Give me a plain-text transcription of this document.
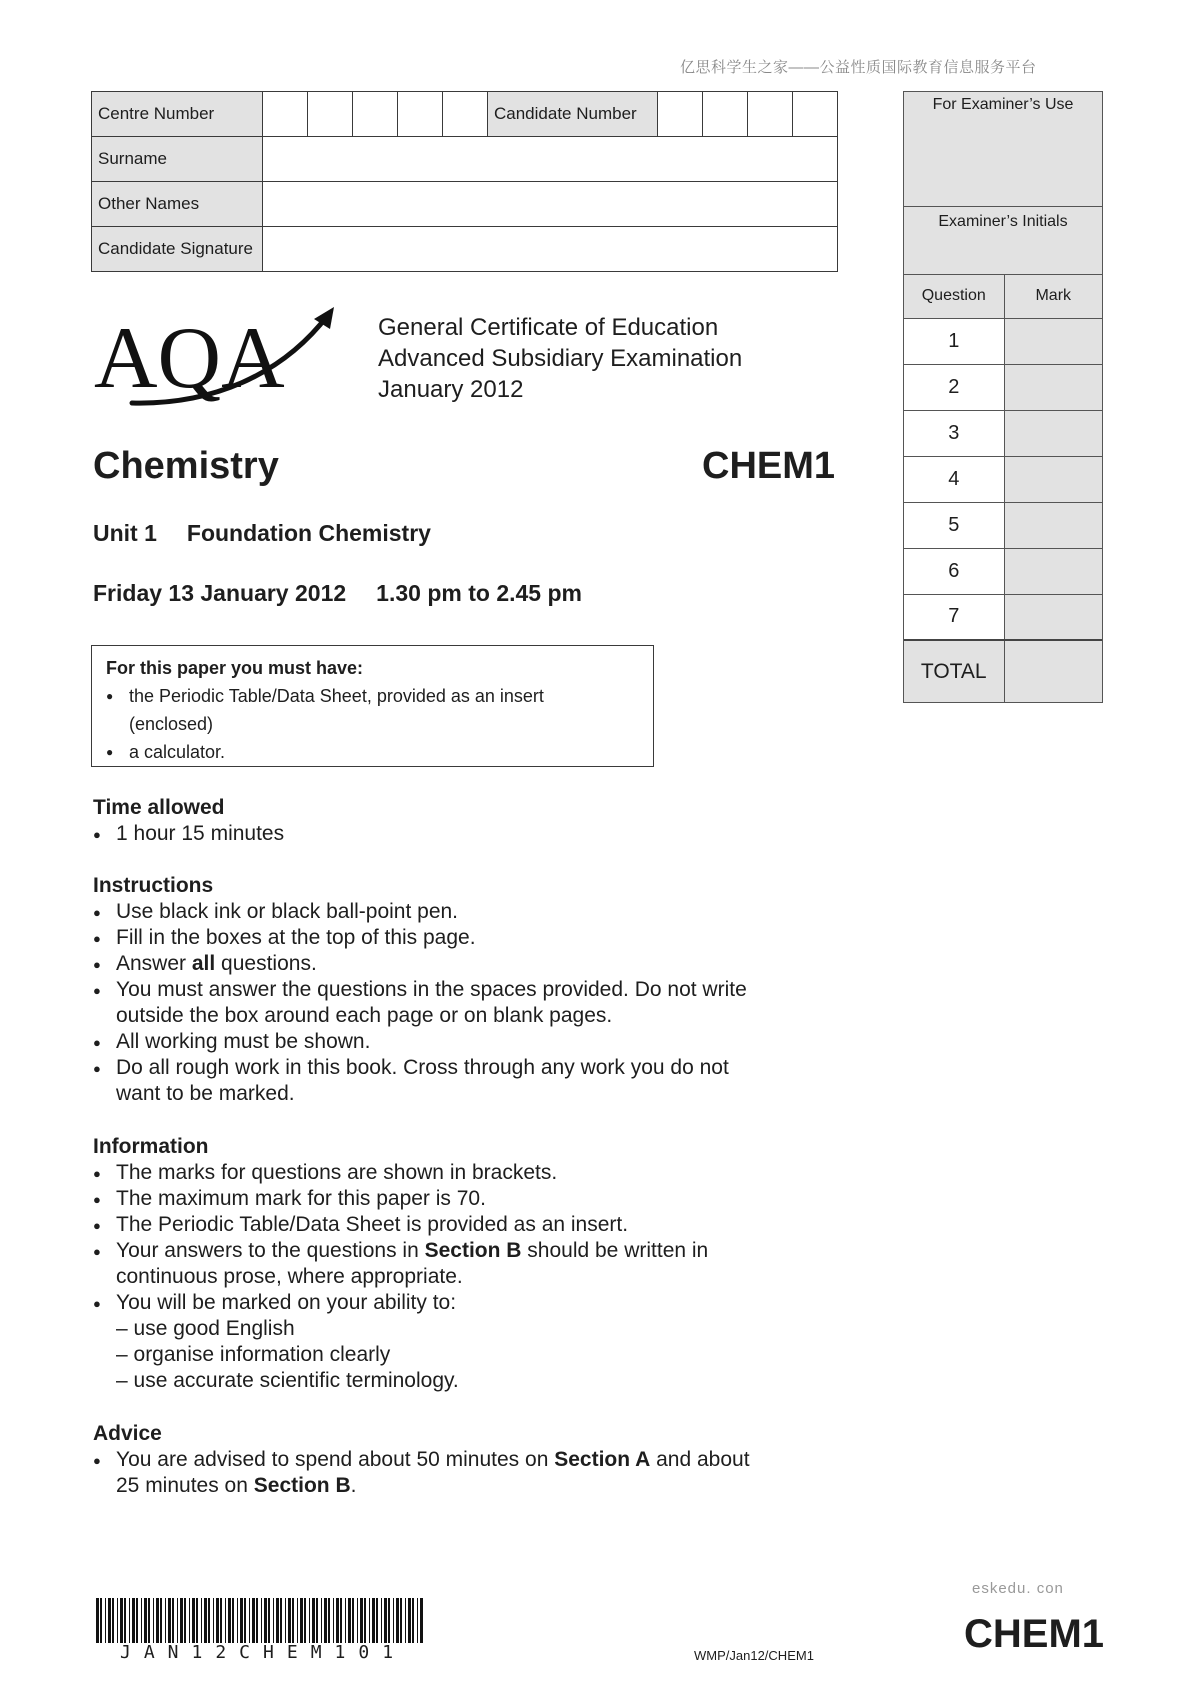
亿思科学生之家——公益性质国际教育信息服务平台
Centre Number						Candidate Number				
Surname										
Other Names										
Candidate Signature										
For Examiner’s Use
Examiner’s Initials
Question	Mark
1	
2	
3	
4	
5	
6	
7	
TOTAL	
AQA	General Certificate of Education
Advanced Subsidiary Examination
January 2012
Chemistry	CHEM1
Unit 1 Foundation Chemistry
Friday 13 January 2012 1.30 pm to 2.45 pm
For this paper you must have:
● the Periodic Table/Data Sheet, provided as an insert
(enclosed)
● a calculator.
Time allowed
● 1 hour 15 minutes
Instructions
● Use black ink or black ball-point pen.
● Fill in the boxes at the top of this page.
● Answer all questions.
● You must answer the questions in the spaces provided. Do not write
outside the box around each page or on blank pages.
● All working must be shown.
● Do all rough work in this book. Cross through any work you do not
want to be marked.
Information
● The marks for questions are shown in brackets.
● The maximum mark for this paper is 70.
● The Periodic Table/Data Sheet is provided as an insert.
● Your answers to the questions in Section B should be written in
continuous prose, where appropriate.
● You will be marked on your ability to:
– use good English
– organise information clearly
– use accurate scientific terminology.
Advice
● You are advised to spend about 50 minutes on Section A and about
25 minutes on Section B.
JAN12CHEM101	WMP/Jan12/CHEM1
eskedu. con
CHEM1
